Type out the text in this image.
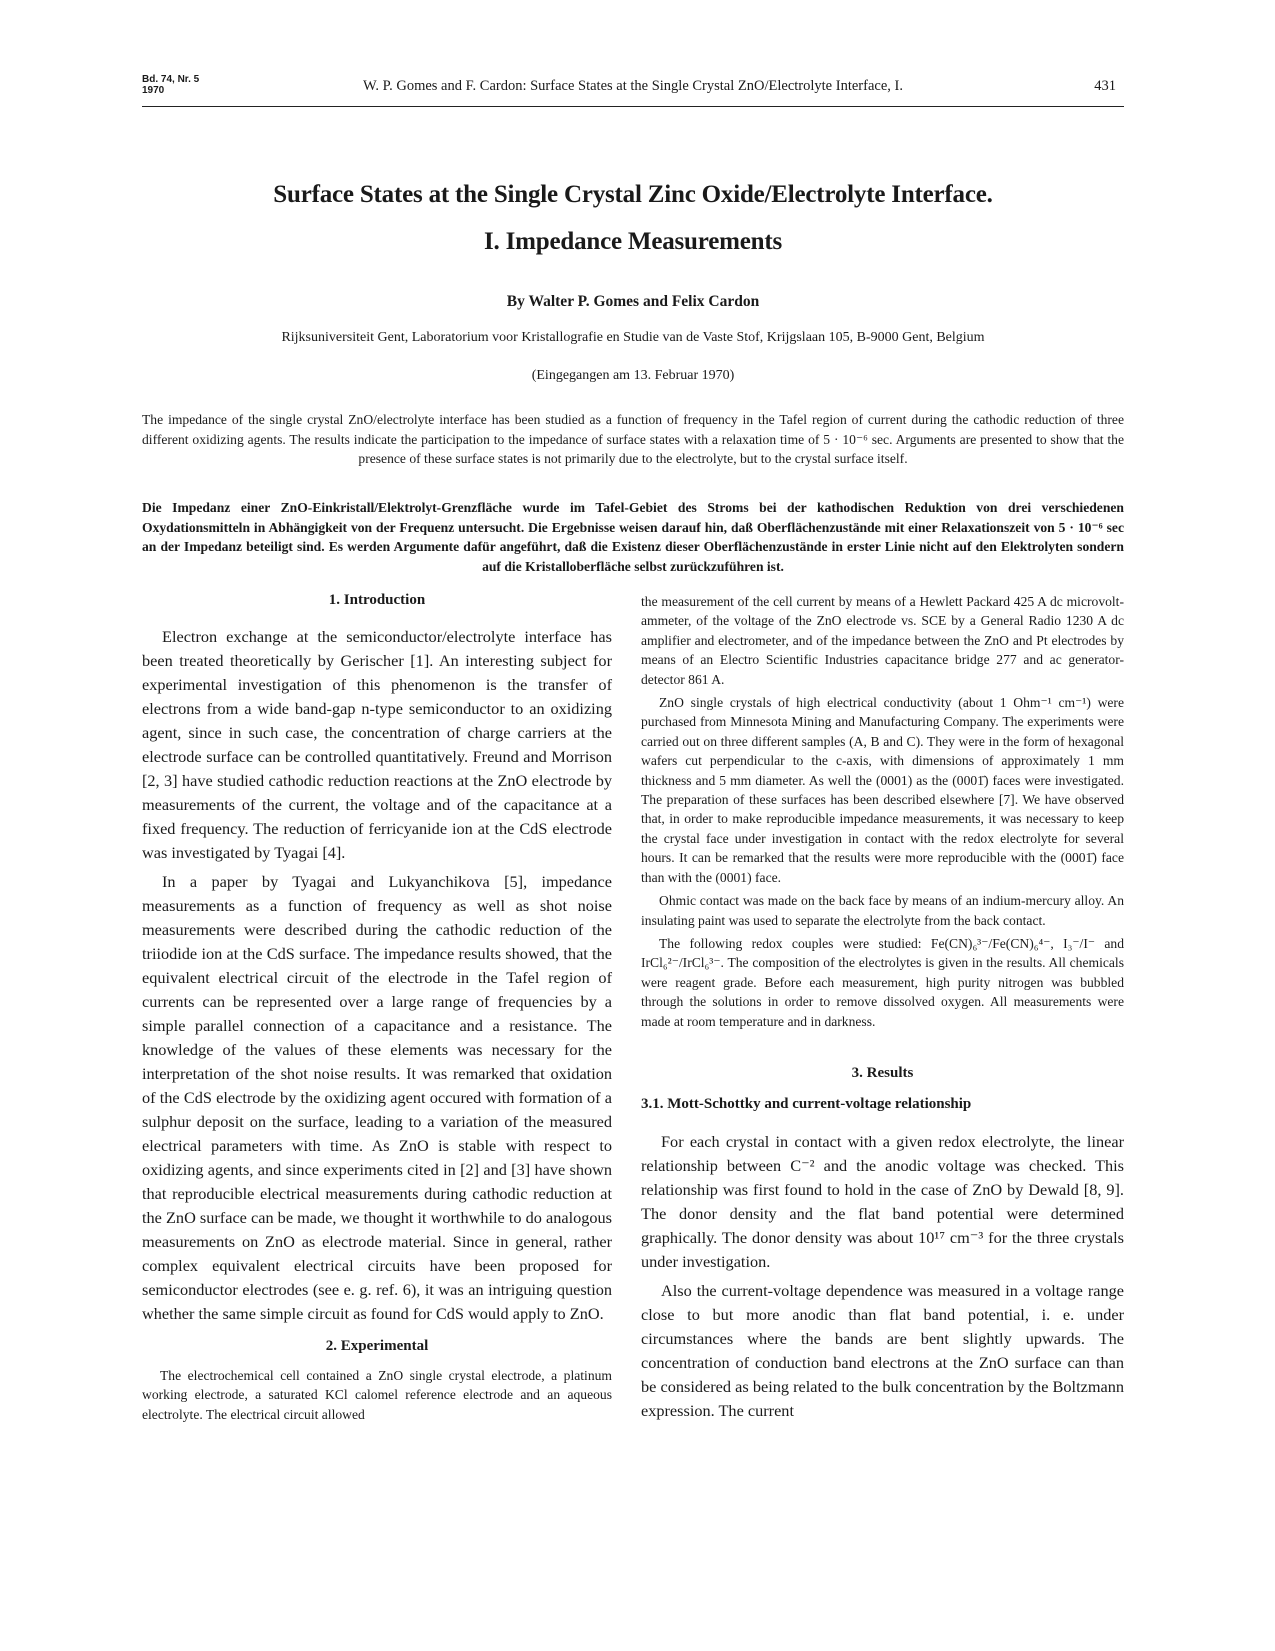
Bd. 74, Nr. 5
1970	W. P. Gomes and F. Cardon: Surface States at the Single Crystal ZnO/Electrolyte Interface, I.	431
Surface States at the Single Crystal Zinc Oxide/Electrolyte Interface.
I. Impedance Measurements
By Walter P. Gomes and Felix Cardon
Rijksuniversiteit Gent, Laboratorium voor Kristallografie en Studie van de Vaste Stof, Krijgslaan 105, B-9000 Gent, Belgium
(Eingegangen am 13. Februar 1970)
The impedance of the single crystal ZnO/electrolyte interface has been studied as a function of frequency in the Tafel region of current during the cathodic reduction of three different oxidizing agents. The results indicate the participation to the impedance of surface states with a relaxation time of 5 · 10⁻⁶ sec. Arguments are presented to show that the presence of these surface states is not primarily due to the electrolyte, but to the crystal surface itself.
Die Impedanz einer ZnO-Einkristall/Elektrolyt-Grenzfläche wurde im Tafel-Gebiet des Stroms bei der kathodischen Reduktion von drei verschiedenen Oxydationsmitteln in Abhängigkeit von der Frequenz untersucht. Die Ergebnisse weisen darauf hin, daß Oberflächenzustände mit einer Relaxationszeit von 5 · 10⁻⁶ sec an der Impedanz beteiligt sind. Es werden Argumente dafür angeführt, daß die Existenz dieser Oberflächenzustände in erster Linie nicht auf den Elektrolyten sondern auf die Kristalloberfläche selbst zurückzuführen ist.
1. Introduction

Electron exchange at the semiconductor/electrolyte interface has been treated theoretically by Gerischer [1]. An interesting subject for experimental investigation of this phenomenon is the transfer of electrons from a wide band-gap n-type semiconductor to an oxidizing agent, since in such case, the concentration of charge carriers at the electrode surface can be controlled quantitatively. Freund and Morrison [2, 3] have studied cathodic reduction reactions at the ZnO electrode by measurements of the current, the voltage and of the capacitance at a fixed frequency. The reduction of ferricyanide ion at the CdS electrode was investigated by Tyagai [4].

In a paper by Tyagai and Lukyanchikova [5], impedance measurements as a function of frequency as well as shot noise measurements were described during the cathodic reduction of the triiodide ion at the CdS surface. The impedance results showed, that the equivalent electrical circuit of the electrode in the Tafel region of currents can be represented over a large range of frequencies by a simple parallel connection of a capacitance and a resistance. The knowledge of the values of these elements was necessary for the interpretation of the shot noise results. It was remarked that oxidation of the CdS electrode by the oxidizing agent occured with formation of a sulphur deposit on the surface, leading to a variation of the measured electrical parameters with time. As ZnO is stable with respect to oxidizing agents, and since experiments cited in [2] and [3] have shown that reproducible electrical measurements during cathodic reduction at the ZnO surface can be made, we thought it worthwhile to do analogous measurements on ZnO as electrode material. Since in general, rather complex equivalent electrical circuits have been proposed for semiconductor electrodes (see e. g. ref. 6), it was an intriguing question whether the same simple circuit as found for CdS would apply to ZnO.

2. Experimental

The electrochemical cell contained a ZnO single crystal electrode, a platinum working electrode, a saturated KCl calomel reference electrode and an aqueous electrolyte. The electrical circuit allowed

the measurement of the cell current by means of a Hewlett Packard 425 A dc microvolt-ammeter, of the voltage of the ZnO electrode vs. SCE by a General Radio 1230 A dc amplifier and electrometer, and of the impedance between the ZnO and Pt electrodes by means of an Electro Scientific Industries capacitance bridge 277 and ac generator-detector 861 A.

ZnO single crystals of high electrical conductivity (about 1 Ohm⁻¹ cm⁻¹) were purchased from Minnesota Mining and Manufacturing Company. The experiments were carried out on three different samples (A, B and C). They were in the form of hexagonal wafers cut perpendicular to the c-axis, with dimensions of approximately 1 mm thickness and 5 mm diameter. As well the (0001) as the (0001̄) faces were investigated. The preparation of these surfaces has been described elsewhere [7]. We have observed that, in order to make reproducible impedance measurements, it was necessary to keep the crystal face under investigation in contact with the redox electrolyte for several hours. It can be remarked that the results were more reproducible with the (0001̄) face than with the (0001) face.

Ohmic contact was made on the back face by means of an indium-mercury alloy. An insulating paint was used to separate the electrolyte from the back contact.

The following redox couples were studied: Fe(CN)₆³⁻/Fe(CN)₆⁴⁻, I₃⁻/I⁻ and IrCl₆²⁻/IrCl₆³⁻. The composition of the electrolytes is given in the results. All chemicals were reagent grade. Before each measurement, high purity nitrogen was bubbled through the solutions in order to remove dissolved oxygen. All measurements were made at room temperature and in darkness.

3. Results
3.1. Mott-Schottky and current-voltage relationship

For each crystal in contact with a given redox electrolyte, the linear relationship between C⁻² and the anodic voltage was checked. This relationship was first found to hold in the case of ZnO by Dewald [8, 9]. The donor density and the flat band potential were determined graphically. The donor density was about 10¹⁷ cm⁻³ for the three crystals under investigation.

Also the current-voltage dependence was measured in a voltage range close to but more anodic than flat band potential, i. e. under circumstances where the bands are bent slightly upwards. The concentration of conduction band electrons at the ZnO surface can than be considered as being related to the bulk concentration by the Boltzmann expression. The current
